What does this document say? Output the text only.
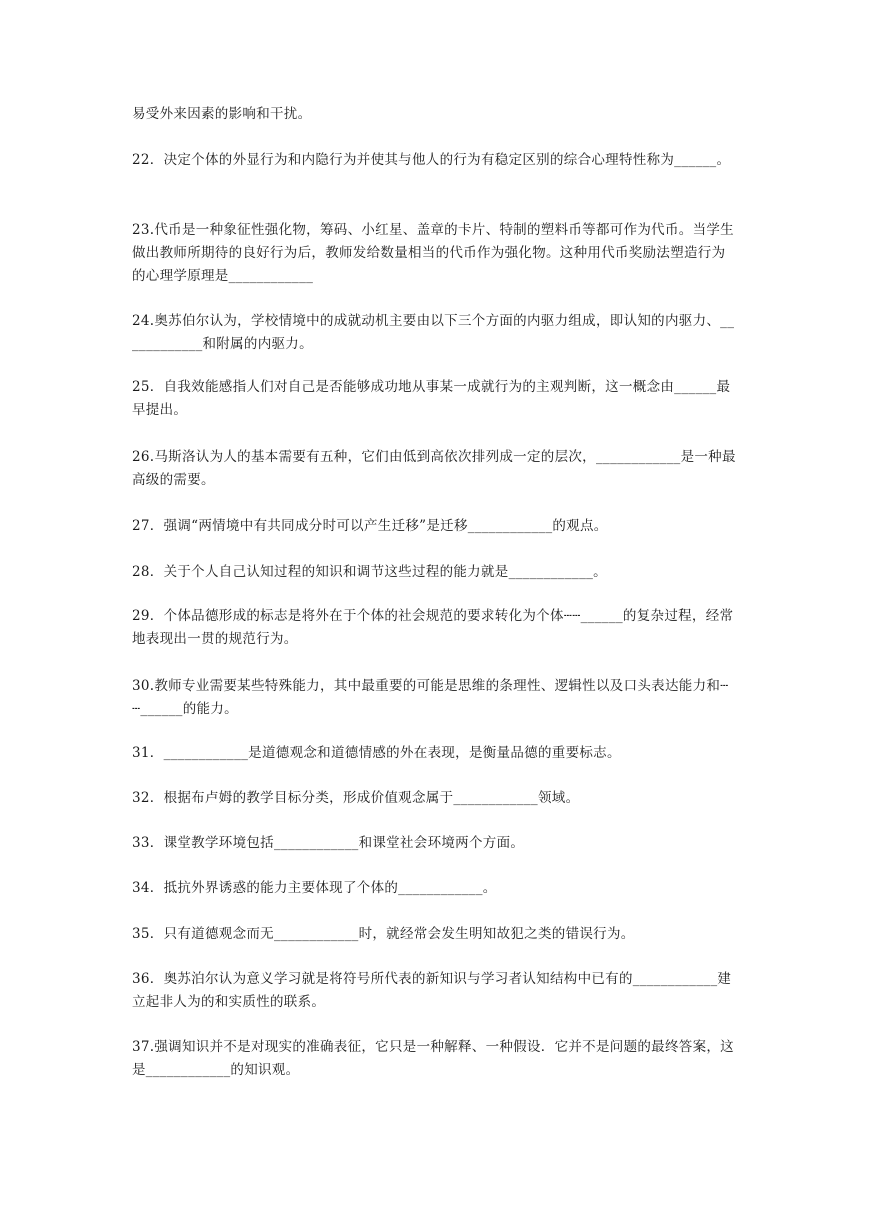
易受外来因素的影响和干扰。

22．决定个体的外显行为和内隐行为并使其与他人的行为有稳定区别的综合心理特性称为______。

23.代币是一种象征性强化物，筹码、小红星、盖章的卡片、特制的塑料币等都可作为代币。当学生做出教师所期待的良好行为后，教师发给数量相当的代币作为强化物。这种用代币奖励法塑造行为的心理学原理是____________

24.奥苏伯尔认为，学校情境中的成就动机主要由以下三个方面的内驱力组成，即认知的内驱力、____________和附属的内驱力。

25．自我效能感指人们对自己是否能够成功地从事某一成就行为的主观判断，这一概念由______最早提出。

26.马斯洛认为人的基本需要有五种，它们由低到高依次排列成一定的层次，____________是一种最高级的需要。

27．强调“两情境中有共同成分时可以产生迁移”是迁移____________的观点。

28．关于个人自己认知过程的知识和调节这些过程的能力就是____________。

29．个体品德形成的标志是将外在于个体的社会规范的要求转化为个体┄┄______的复杂过程，经常地表现出一贯的规范行为。

30.教师专业需要某些特殊能力，其中最重要的可能是思维的条理性、逻辑性以及口头表达能力和┄┄______的能力。

31．____________是道德观念和道德情感的外在表现，是衡量品德的重要标志。

32．根据布卢姆的教学目标分类，形成价值观念属于____________领域。

33．课堂教学环境包括____________和课堂社会环境两个方面。

34．抵抗外界诱惑的能力主要体现了个体的____________。

35．只有道德观念而无____________时，就经常会发生明知故犯之类的错误行为。

36．奥苏泊尔认为意义学习就是将符号所代表的新知识与学习者认知结构中已有的____________建立起非人为的和实质性的联系。

37.强调知识并不是对现实的准确表征，它只是一种解释、一种假设．它并不是问题的最终答案，这是____________的知识观。
